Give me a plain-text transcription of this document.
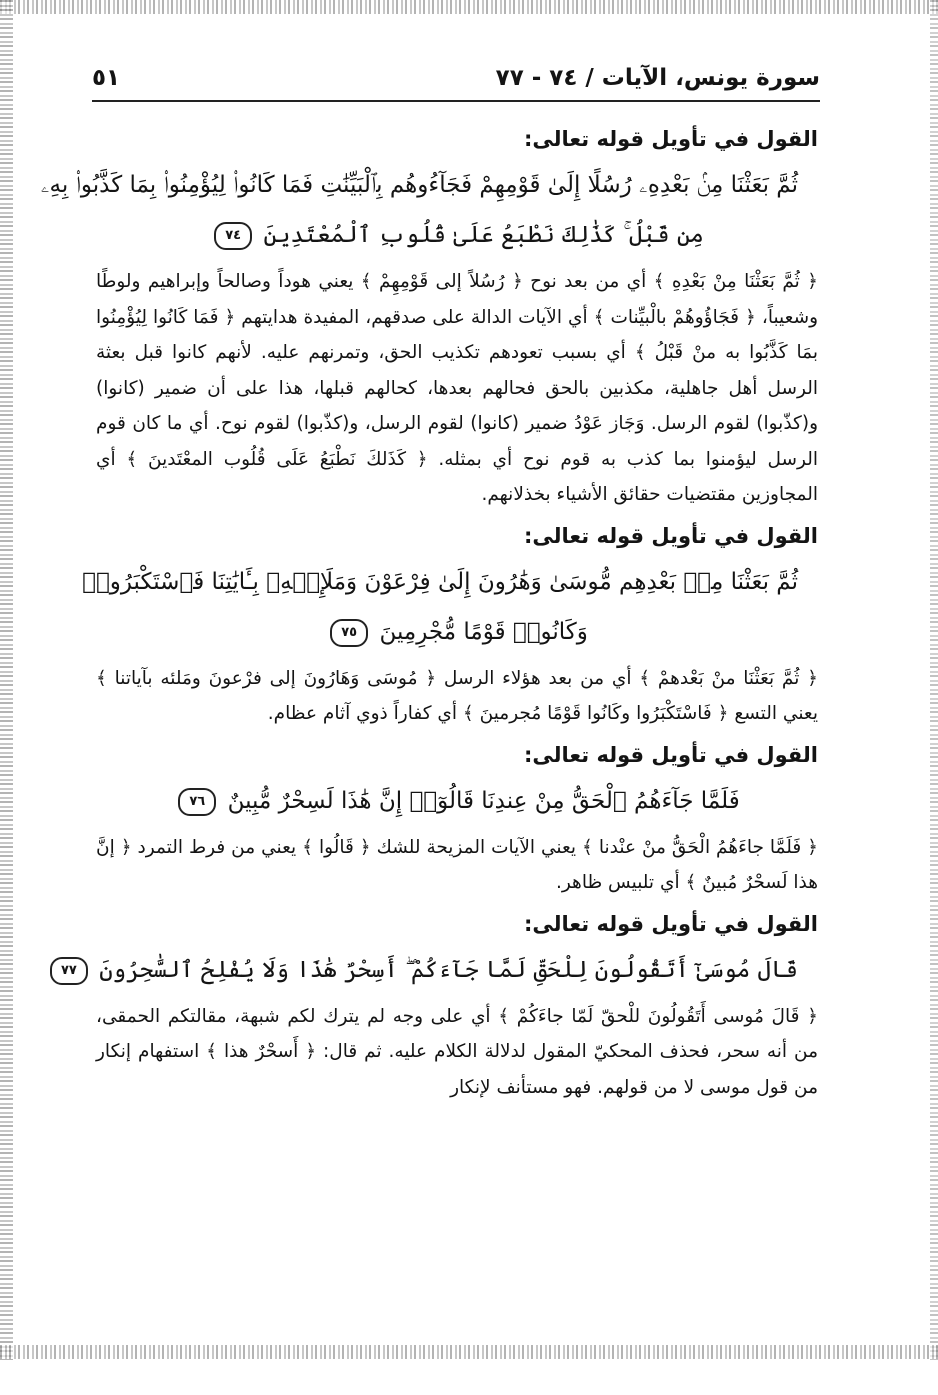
سورة يونس، الآيات / ٧٤ - ٧٧
٥١
القول في تأويل قوله تعالى:
ثُمَّ بَعَثْنَا مِنۢ بَعْدِهِۦ رُسُلًا إِلَىٰ قَوْمِهِمْ فَجَآءُوهُم بِٱلْبَيِّنَٰتِ فَمَا كَانُوا۟ لِيُؤْمِنُوا۟ بِمَا كَذَّبُوا۟ بِهِۦ
مِن قَبْلُ ۚ كَذَٰلِكَ نَطْبَعُ عَلَىٰ قُلُوبِ ٱلْمُعْتَدِينَ ٧٤

﴿ ثُمَّ بَعَثْنَا مِنْ بَعْدِهِ ﴾ أي من بعد نوح ﴿ رُسُلاً إلى قَوْمِهِمْ ﴾ يعني هوداً وصالحاً وإبراهيم ولوطًا وشعيباً، ﴿ فَجَاؤُوهُمْ بالْبيِّنات ﴾ أي الآيات الدالة على صدقهم، المفيدة هدايتهم ﴿ فَمَا كَانُوا لِيُؤْمِنُوا بمَا كَذَّبُوا به منْ قَبْلُ ﴾ أي بسبب تعودهم تكذيب الحق، وتمرنهم عليه. لأنهم كانوا قبل بعثة الرسل أهل جاهلية، مكذبين بالحق فحالهم بعدها، كحالهم قبلها، هذا على أن ضمير (كانوا) و(كذّبوا) لقوم الرسل. وَجَاز عَوْدُ ضمير (كانوا) لقوم الرسل، و(كذّبوا) لقوم نوح. أي ما كان قوم الرسل ليؤمنوا بما كذب به قوم نوح أي بمثله. ﴿ كَذَلكَ نَطْبَعُ عَلَى قُلُوب المعْتَدينَ ﴾ أي المجاوزين مقتضيات حقائق الأشياء بخذلانهم.

القول في تأويل قوله تعالى:
ثُمَّ بَعَثْنَا مِنۢ بَعْدِهِم مُّوسَىٰ وَهَٰرُونَ إِلَىٰ فِرْعَوْنَ وَمَلَإِي۟هِۦ بِـَٔايَٰتِنَا فَٱسْتَكْبَرُوا۟
وَكَانُوا۟ قَوْمًا مُّجْرِمِينَ ٧٥

﴿ ثُمَّ بَعَثْنَا منْ بَعْدهمْ ﴾ أي من بعد هؤلاء الرسل ﴿ مُوسَى وَهَارُونَ إلى فرْعونَ ومَلئه بآياتنا ﴾ يعني التسع ﴿ فَاسْتَكْبَرُوا وكَانُوا قَوْمًا مُجرمينَ ﴾ أي كفاراً ذوي آثام عظام.

القول في تأويل قوله تعالى:
فَلَمَّا جَآءَهُمُ ٱلْحَقُّ مِنْ عِندِنَا قَالُوٓا۟ إِنَّ هَٰذَا لَسِحْرٌ مُّبِينٌ ٧٦

﴿ فَلَمَّا جاءَهُمُ الْحَقُّ منْ عنْدنا ﴾ يعني الآيات المزيحة للشك ﴿ قَالُوا ﴾ يعني من فرط التمرد ﴿ إنَّ هذا لَسحْرٌ مُبينٌ ﴾ أي تلبيس ظاهر.

القول في تأويل قوله تعالى:
قَالَ مُوسَىٰٓ أَتَقُولُونَ لِلْحَقِّ لَمَّا جَآءَكُمْ ۖ أَسِحْرٌ هَٰذَا وَلَا يُفْلِحُ ٱلسَّٰحِرُونَ ٧٧

﴿ قَالَ مُوسى أَتَقُولُونَ للْحقّ لَمّا جاءَكُمْ ﴾ أي على وجه لم يترك لكم شبهة، مقالتكم الحمقى، من أنه سحر، فحذف المحكيّ المقول لدلالة الكلام عليه. ثم قال: ﴿ أَسحْرٌ هذا ﴾ استفهام إنكار من قول موسى لا من قولهم. فهو مستأنف لإنكار
